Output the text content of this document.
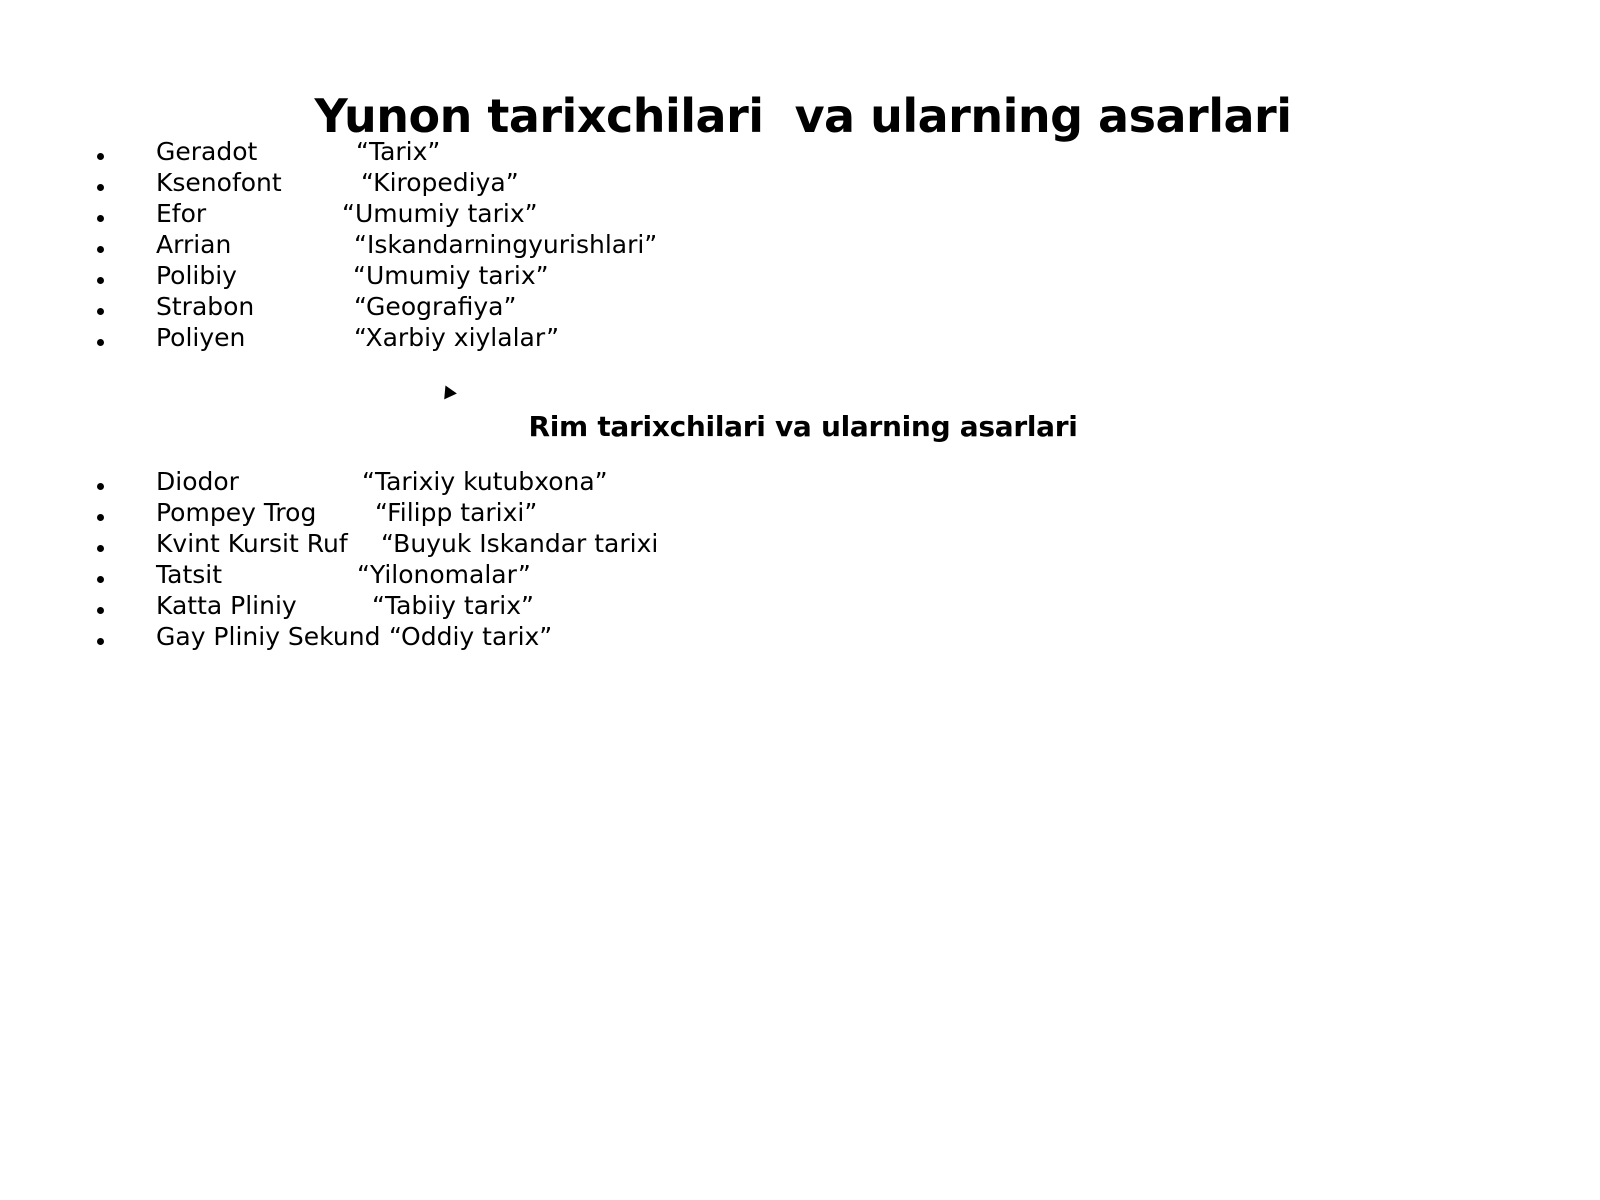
Yunon tarixchilari  va ularning asarlari
Geradot	“Tarix”
Ksenofont	“Kiropediya”
Efor	“Umumiy tarix”
Arrian	“Iskandarningyurishlari”
Polibiy	“Umumiy tarix”
Strabon	“Geografiya”
Poliyen	“Xarbiy xiylalar”
Rim tarixchilari va ularning asarlari
Diodor	“Tarixiy kutubxona”
Pompey Trog “Filipp tarixi”
Kvint Kursit Ruf “Buyuk Iskandar tarixi
Tatsit	“Yilonomalar”
Katta Pliniy	“Tabiiy tarix”
Gay Pliniy Sekund “Oddiy tarix”
